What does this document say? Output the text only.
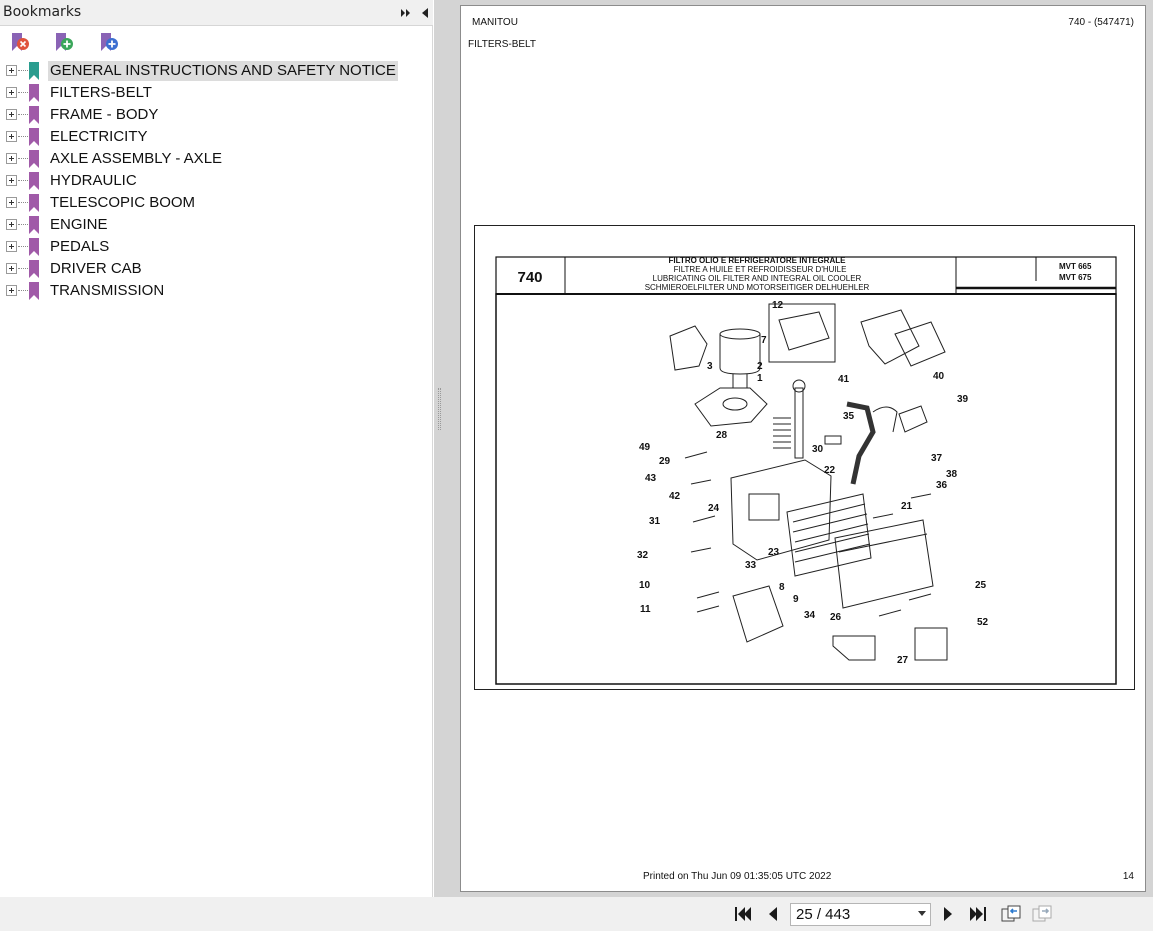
Bookmarks
GENERAL INSTRUCTIONS AND SAFETY NOTICE
FILTERS-BELT
FRAME - BODY
ELECTRICITY
AXLE ASSEMBLY - AXLE
HYDRAULIC
TELESCOPIC BOOM
ENGINE
PEDALS
DRIVER CAB
TRANSMISSION
MANITOU	740 - (547471)
FILTERS-BELT
740
FILTRO OLIO E REFRIGERATORE INTEGRALE
FILTRE A HUILE ET REFROIDISSEUR D'HUILE
LUBRICATING OIL FILTER AND INTEGRAL OIL COOLER
SCHMIEROELFILTER UND MOTORSEITIGER DELHUEHLER
MVT 665
MVT 675
12
7
2
3
1	41	40
39
35
49
28
30
29
22
37
43	38
36
42
24	21
31
23
32
33
25
10	8
9
34 26
11
52
27
Printed on Thu Jun 09 01:35:05 UTC 2022	14
25 / 443
